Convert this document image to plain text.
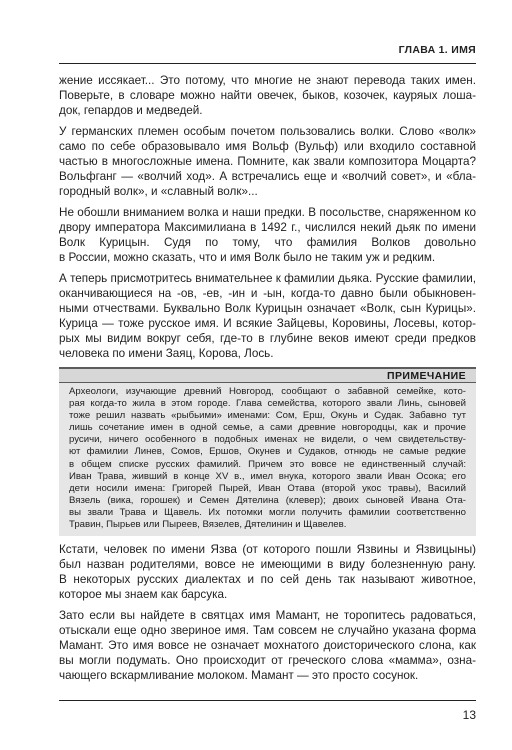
ГЛАВА 1. ИМЯ

жение иссякает... Это потому, что многие не знают перевода таких имен.
Поверьте, в словаре можно найти овечек, быков, козочек, кауряых лоша-
док, гепардов и медведей.

У германских племен особым почетом пользовались волки. Слово «волк»
само по себе образовывало имя Вольф (Вульф) или входило составной
частью в многосложные имена. Помните, как звали композитора Моцарта?
Вольфганг — «волчий ход». А встречались еще и «волчий совет», и «бла-
городный волк», и «славный волк»...

Не обошли вниманием волка и наши предки. В посольстве, снаряженном ко
двору императора Максимилиана в 1492 г., числился некий дьяк по имени
Волк Курицын. Судя по тому, что фамилия Волков довольно
в России, можно сказать, что и имя Волк было не таким уж и редким.

А теперь присмотритесь внимательнее к фамилии дьяка. Русские фамилии,
оканчивающиеся на -ов, -ев, -ин и -ын, когда-то давно были обыкновен-
ными отчествами. Буквально Волк Курицын означает «Волк, сын Курицы».
Курица — тоже русское имя. И всякие Зайцевы, Коровины, Лосевы, котор-
рых мы видим вокруг себя, где-то в глубине веков имеют среди предков
человека по имени Заяц, Корова, Лось.

ПРИМЕЧАНИЕ
Археологи, изучающие древний Новгород, сообщают о забавной семейке, кото-
рая когда-то жила в этом городе. Глава семейства, которого звали Линь, сыновей
тоже решил назвать «рыбьими» именами: Сом, Ерш, Окунь и Судак. Забавно тут
лишь сочетание имен в одной семье, а сами древние новгородцы, как и прочие
русичи, ничего особенного в подобных именах не видели, о чем свидетельству-
ют фамилии Линев, Сомов, Ершов, Окунев и Судаков, отнюдь не самые редкие
в общем списке русских фамилий. Причем это вовсе не единственный случай:
Иван Трава, живший в конце XV в., имел внука, которого звали Иван Осока; его
дети носили имена: Григорей Пырей, Иван Отава (второй укос травы), Василий
Вязель (вика, горошек) и Семен Дятелина (клевер); двоих сыновей Ивана Ота-
вы звали Трава и Щавель. Их потомки могли получить фамилии соответственно
Травин, Пырьев или Пыреев, Вязелев, Дятелинин и Щавелев.

Кстати, человек по имени Язва (от которого пошли Язвины и Язвицыны)
был назван родителями, вовсе не имеющими в виду болезненную рану.
В некоторых русских диалектах и по сей день так называют животное,
которое мы знаем как барсука.

Зато если вы найдете в святцах имя Мамант, не торопитесь радоваться,
отыскали еще одно звериное имя. Там совсем не случайно указана форма
Мамант. Это имя вовсе не означает мохнатого доисторического слона, как
вы могли подумать. Оно происходит от греческого слова «мамма», озна-
чающего вскармливание молоком. Мамант — это просто сосунок.

13
